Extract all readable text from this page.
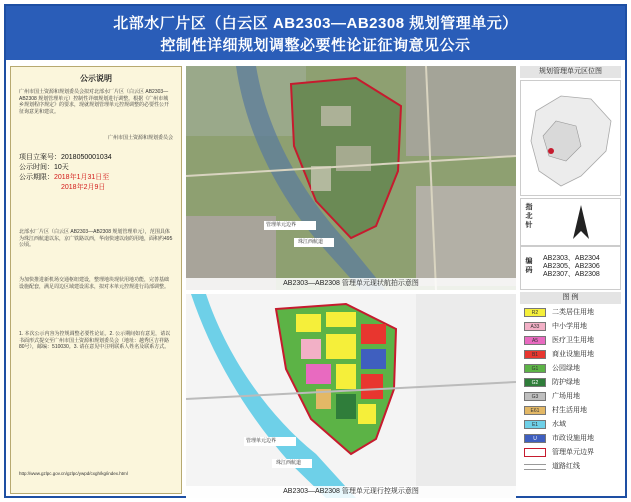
北部水厂片区（白云区 AB2303—AB2308 规划管理单元）
控制性详细规划调整必要性论证征询意见公示
公示说明
广州市国土资源和规划委员会拟对北部水厂片区（白云区 AB2303—AB2308 规划管理单元）控制性详细规划进行调整。根据《广州市城乡规划程序规定》的要求，现就规划管理单元控规调整的必要性公开征询意见和建议。
广州市国土资源和规划委员会
项目立案号：2018050001034
公示时间：10天
公示期限：2018年1月31日至
2018年2月9日
北部水厂片区（白云区 AB2303—AB2308 规划管理单元），范围具体为珠江西航道以东，京广铁路以西，华南快速以南的用地，面积约495公顷。
为加快推进新机场交通枢纽建设，整理地块现状用地功能，完善基础设施配套，满足周边区域建设需求，拟对本单元控规进行局部调整。
1. 本次公示内容为控规调整必要性论证。2. 公示期间如有意见，请以书面形式提交至广州市国土资源和规划委员会（地址：越秀区吉祥路80号），邮编：510030。3. 请在意见中注明联系人姓名及联系方式。
http://www.gzlpc.gov.cn/gzlpc/ywpd/cxgh/kg/index.html
管理单元边界
珠江西航道
AB2303—AB2308 管理单元现状航拍示意图
管理单元边界
珠江西航道
AB2303—AB2308 管理单元现行控规示意图
规划管理单元区位图
指北针
编码
AB2303、AB2304
AB2305、AB2306
AB2307、AB2308
图 例
R2	二类居住用地
A33	中小学用地
A5	医疗卫生用地
B1	商业设施用地
G1	公园绿地
G2	防护绿地
G3	广场用地
E61	村生活用地
E1	水域
U	市政设施用地
管理单元边界
道路红线
